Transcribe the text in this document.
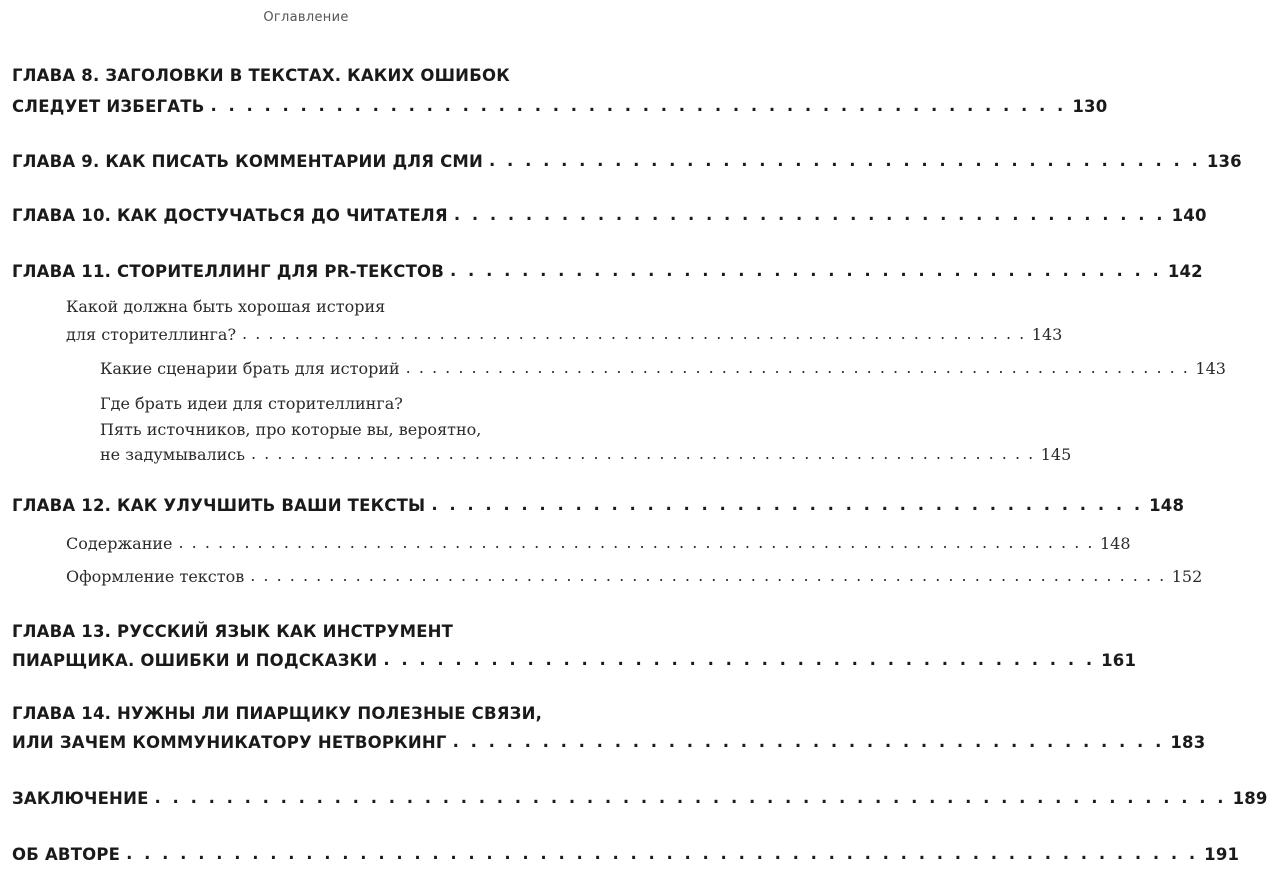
Оглавление
ГЛАВА 8. ЗАГОЛОВКИ В ТЕКСТАХ. КАКИХ ОШИБОК
СЛЕДУЕТ ИЗБЕГАТЬ . . . . . . . . . . . . . . . . . . . . . . . . . . . . . . . . . . . . . . . . . . . . . . . . 130
ГЛАВА 9. КАК ПИСАТЬ КОММЕНТАРИИ ДЛЯ СМИ . . . . . . . . . . . . . . . . . . . . . . . . . . . . . . . . . . . . . . . . 136
ГЛАВА 10. КАК ДОСТУЧАТЬСЯ ДО ЧИТАТЕЛЯ . . . . . . . . . . . . . . . . . . . . . . . . . . . . . . . . . . . . . . . . 140
ГЛАВА 11. СТОРИТЕЛЛИНГ ДЛЯ PR-ТЕКСТОВ . . . . . . . . . . . . . . . . . . . . . . . . . . . . . . . . . . . . . . . . 142
Какой должна быть хорошая история
для сторителлинга? . . . . . . . . . . . . . . . . . . . . . . . . . . . . . . . . . . . . . . . . . . . . . . . . . . . . . . . . . . . . 143
Какие сценарии брать для историй . . . . . . . . . . . . . . . . . . . . . . . . . . . . . . . . . . . . . . . . . . . . . . . . . . . . . . . . . . . . 143
Где брать идеи для сторителлинга?
Пять источников, про которые вы, вероятно,
не задумывались . . . . . . . . . . . . . . . . . . . . . . . . . . . . . . . . . . . . . . . . . . . . . . . . . . . . . . . . . . . . 145
ГЛАВА 12. КАК УЛУЧШИТЬ ВАШИ ТЕКСТЫ . . . . . . . . . . . . . . . . . . . . . . . . . . . . . . . . . . . . . . . . 148
Содержание . . . . . . . . . . . . . . . . . . . . . . . . . . . . . . . . . . . . . . . . . . . . . . . . . . . . . . . . . . . . . . . . . . . . . . 148
Оформление текстов . . . . . . . . . . . . . . . . . . . . . . . . . . . . . . . . . . . . . . . . . . . . . . . . . . . . . . . . . . . . . . . . . . . . . . 152
ГЛАВА 13. РУССКИЙ ЯЗЫК КАК ИНСТРУМЕНТ
ПИАРЩИКА. ОШИБКИ И ПОДСКАЗКИ . . . . . . . . . . . . . . . . . . . . . . . . . . . . . . . . . . . . . . . . 161
ГЛАВА 14. НУЖНЫ ЛИ ПИАРЩИКУ ПОЛЕЗНЫЕ СВЯЗИ,
ИЛИ ЗАЧЕМ КОММУНИКАТОРУ НЕТВОРКИНГ . . . . . . . . . . . . . . . . . . . . . . . . . . . . . . . . . . . . . . . . 183
ЗАКЛЮЧЕНИЕ . . . . . . . . . . . . . . . . . . . . . . . . . . . . . . . . . . . . . . . . . . . . . . . . . . . . . . . . . . . . 189
ОБ АВТОРЕ . . . . . . . . . . . . . . . . . . . . . . . . . . . . . . . . . . . . . . . . . . . . . . . . . . . . . . . . . . . . 191
